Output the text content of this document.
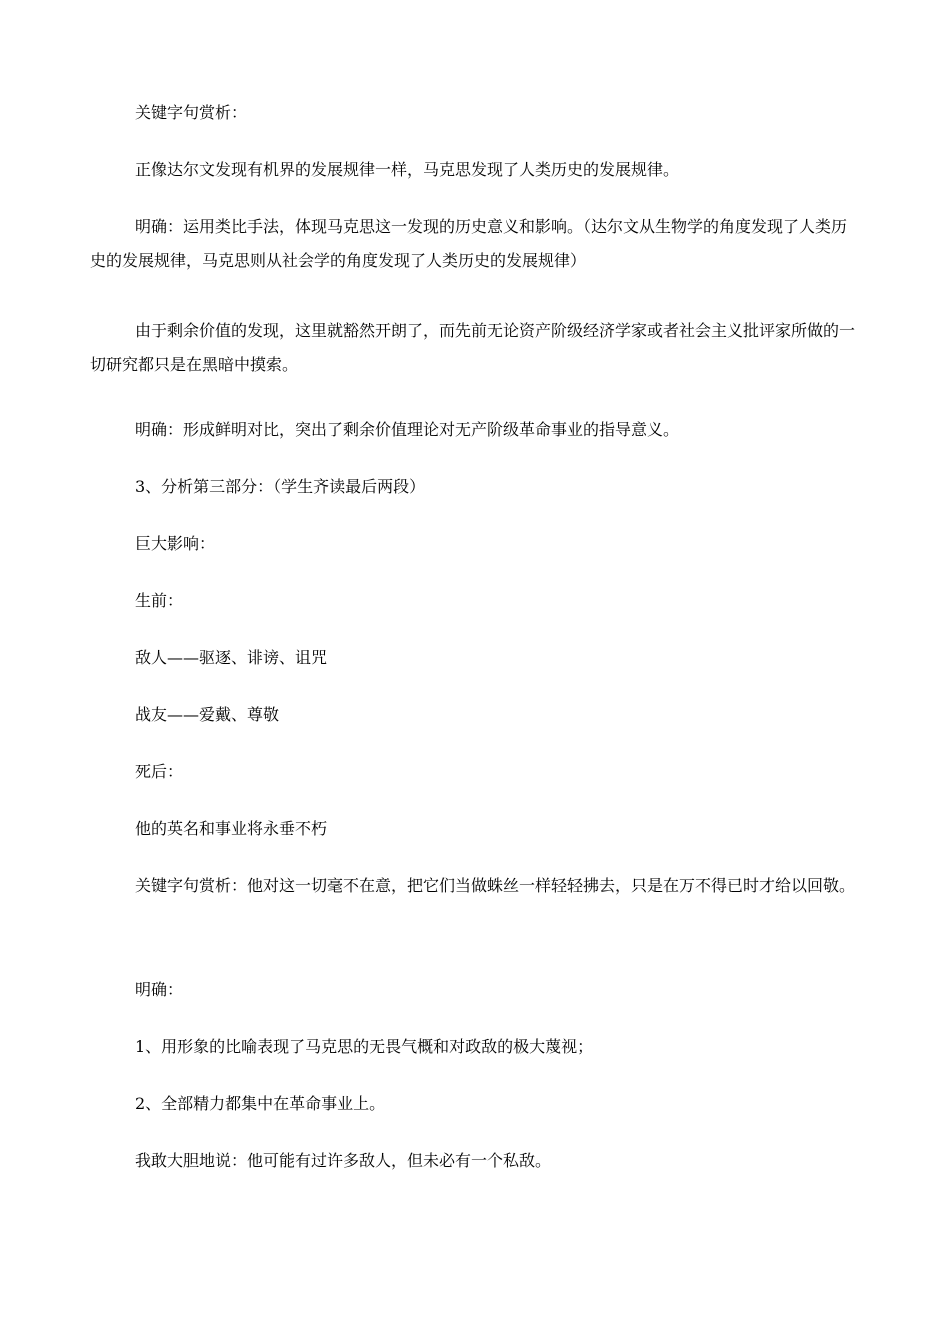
关键字句赏析：

正像达尔文发现有机界的发展规律一样，马克思发现了人类历史的发展规律。

明确：运用类比手法，体现马克思这一发现的历史意义和影响。（达尔文从生物学的角度发现了人类历史的发展规律，马克思则从社会学的角度发现了人类历史的发展规律）

由于剩余价值的发现，这里就豁然开朗了，而先前无论资产阶级经济学家或者社会主义批评家所做的一切研究都只是在黑暗中摸索。

明确：形成鲜明对比，突出了剩余价值理论对无产阶级革命事业的指导意义。

3、分析第三部分：（学生齐读最后两段）

巨大影响：

生前：

敌人——驱逐、诽谤、诅咒

战友——爱戴、尊敬

死后：

他的英名和事业将永垂不朽

关键字句赏析：他对这一切毫不在意，把它们当做蛛丝一样轻轻拂去，只是在万不得已时才给以回敬。

明确：

1、用形象的比喻表现了马克思的无畏气概和对政敌的极大蔑视；

2、全部精力都集中在革命事业上。

我敢大胆地说：他可能有过许多敌人，但未必有一个私敌。
